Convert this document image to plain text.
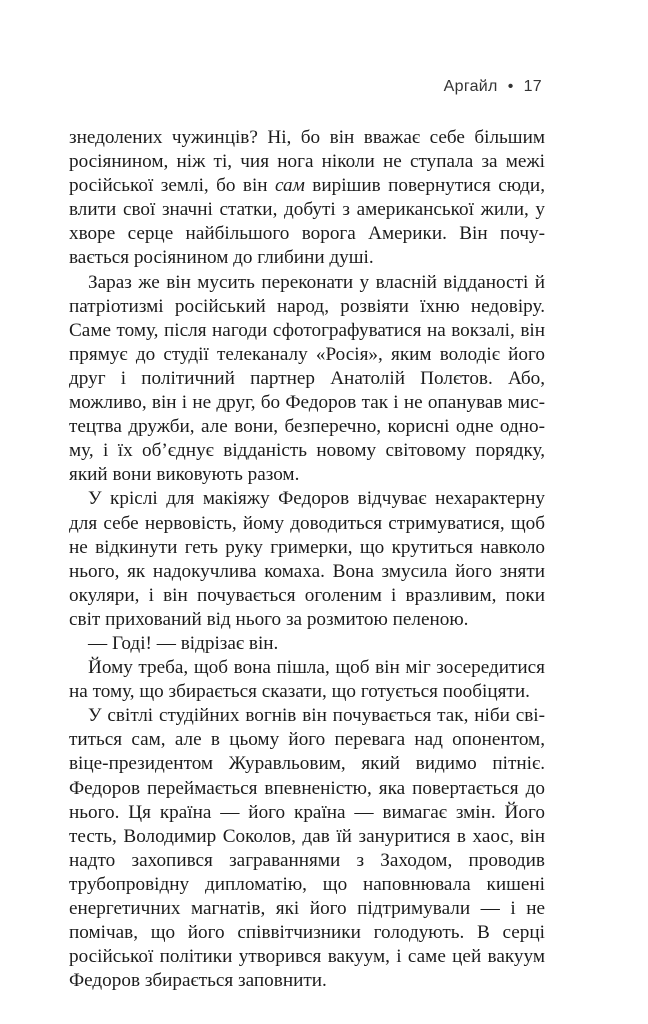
Аргайл • 17

знедолених чужинців? Ні, бо він вважає себе більшим росіянином, ніж ті, чия нога ніколи не ступала за межі російської землі, бо він сам вирішив повернутися сюди, влити свої значні статки, добуті з американської жили, у хворе серце найбільшого ворога Америки. Він почувається росіянином до глибини душі.

Зараз же він мусить переконати у власній відданості й патріотизмі російський народ, розвіяти їхню недовіру. Саме тому, після нагоди сфотографуватися на вокзалі, він прямує до студії телеканалу «Росія», яким володіє його друг і політичний партнер Анатолій Полєтов. Або, можливо, він і не друг, бо Федоров так і не опанував мистецтва дружби, але вони, безперечно, корисні одне одному, і їх об’єднує відданість новому світовому порядку, який вони виковують разом.

У кріслі для макіяжу Федоров відчуває нехарактерну для себе нервовість, йому доводиться стримуватися, щоб не відкинути геть руку гримерки, що крутиться навколо нього, як надокучлива комаха. Вона змусила його зняти окуляри, і він почувається оголеним і вразливим, поки світ прихований від нього за розмитою пеленою.

— Годі! — відрізає він.

Йому треба, щоб вона пішла, щоб він міг зосередитися на тому, що збирається сказати, що готується пообіцяти.

У світлі студійних вогнів він почувається так, ніби світиться сам, але в цьому його перевага над опонентом, віце-президентом Журавльовим, який видимо пітніє. Федоров переймається впевненістю, яка повертається до нього. Ця країна — його країна — вимагає змін. Його тесть, Володимир Соколов, дав їй зануритися в хаос, він надто захопився заграваннями з Заходом, проводив трубопровідну дипломатію, що наповнювала кишені енергетичних магнатів, які його підтримували — і не помічав, що його співвітчизники голодують. В серці російської політики утворився вакуум, і саме цей вакуум Федоров збирається заповнити.
